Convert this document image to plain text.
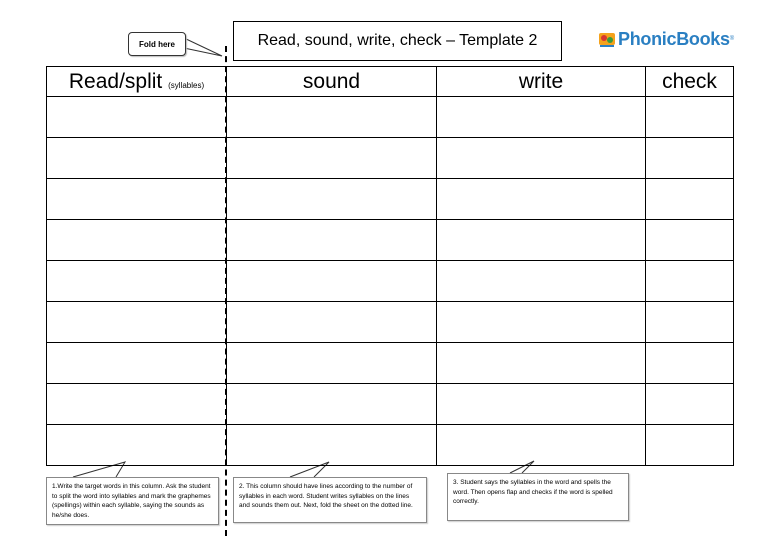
Fold here	Read, sound, write, check – Template 2	PhonicBooks ®
Read/split (syllables)	sound	write	check

1.Write the target words in this column. Ask the student to split the word into syllables and mark the graphemes (spellings) within each syllable, saying the sounds as he/she does.
2. This column should have lines according to the number of syllables in each word. Student writes syllables on the lines and sounds them out. Next, fold the sheet on the dotted line.
3. Student says the syllables in the word and spells the word. Then opens flap and checks if the word is spelled correctly.
